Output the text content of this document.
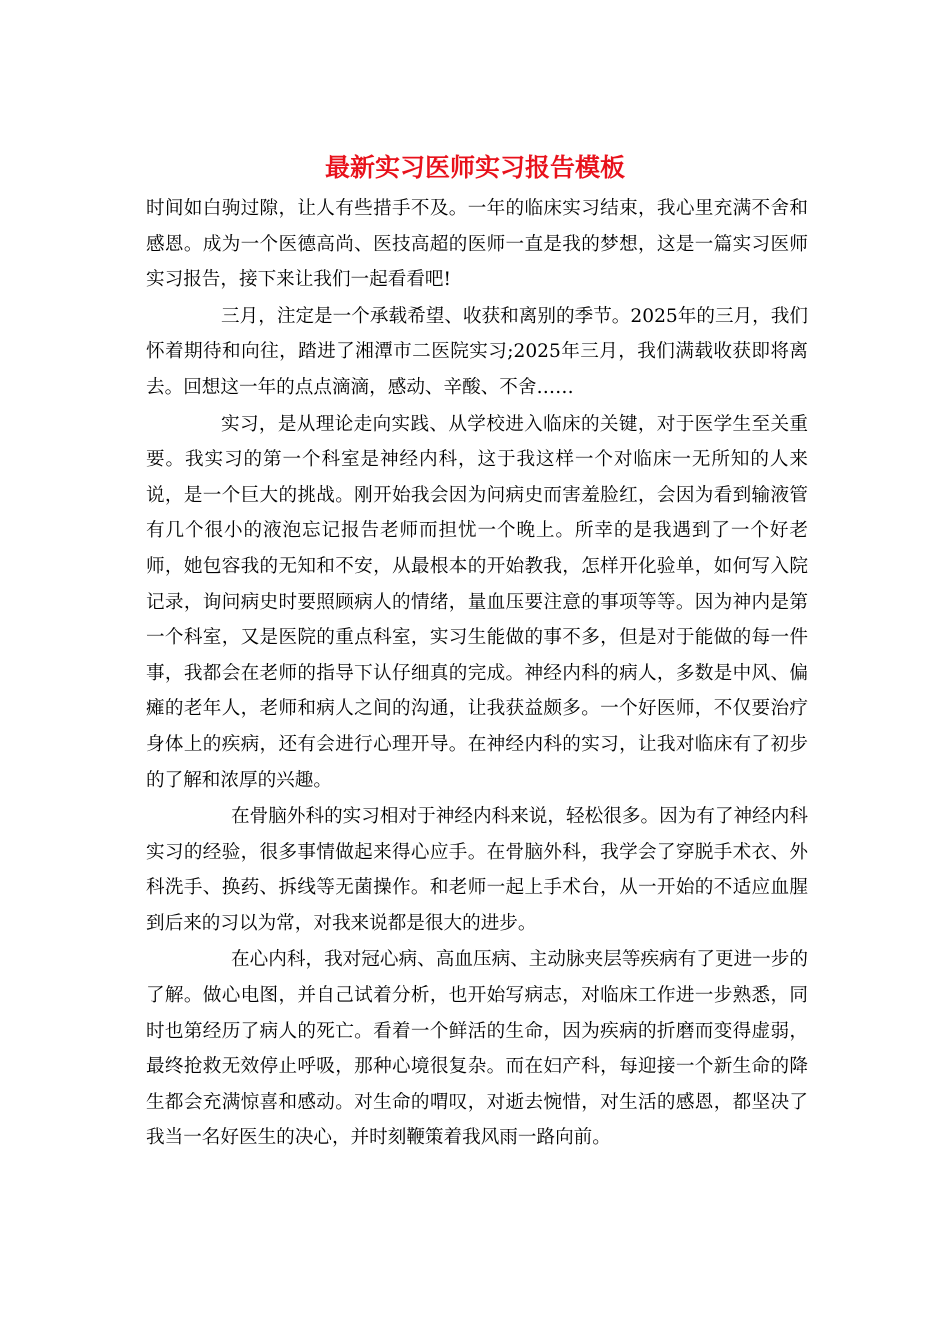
最新实习医师实习报告模板

时间如白驹过隙，让人有些措手不及。一年的临床实习结束，我心里充满不舍和感恩。成为一个医德高尚、医技高超的医师一直是我的梦想，这是一篇实习医师实习报告，接下来让我们一起看看吧!

三月，注定是一个承载希望、收获和离别的季节。2025年的三月，我们怀着期待和向往，踏进了湘潭市二医院实习;2025年三月，我们满载收获即将离去。回想这一年的点点滴滴，感动、辛酸、不舍……

实习，是从理论走向实践、从学校进入临床的关键，对于医学生至关重要。我实习的第一个科室是神经内科，这于我这样一个对临床一无所知的人来说，是一个巨大的挑战。刚开始我会因为问病史而害羞脸红，会因为看到输液管有几个很小的液泡忘记报告老师而担忧一个晚上。所幸的是我遇到了一个好老师，她包容我的无知和不安，从最根本的开始教我，怎样开化验单，如何写入院记录，询问病史时要照顾病人的情绪，量血压要注意的事项等等。因为神内是第一个科室，又是医院的重点科室，实习生能做的事不多，但是对于能做的每一件事，我都会在老师的指导下认仔细真的完成。神经内科的病人，多数是中风、偏瘫的老年人，老师和病人之间的沟通，让我获益颇多。一个好医师，不仅要治疗身体上的疾病，还有会进行心理开导。在神经内科的实习，让我对临床有了初步的了解和浓厚的兴趣。

在骨脑外科的实习相对于神经内科来说，轻松很多。因为有了神经内科实习的经验，很多事情做起来得心应手。在骨脑外科，我学会了穿脱手术衣、外科洗手、换药、拆线等无菌操作。和老师一起上手术台，从一开始的不适应血腥到后来的习以为常，对我来说都是很大的进步。

在心内科，我对冠心病、高血压病、主动脉夹层等疾病有了更进一步的了解。做心电图，并自己试着分析，也开始写病志，对临床工作进一步熟悉，同时也第经历了病人的死亡。看着一个鲜活的生命，因为疾病的折磨而变得虚弱，最终抢救无效停止呼吸，那种心境很复杂。而在妇产科，每迎接一个新生命的降生都会充满惊喜和感动。对生命的喟叹，对逝去惋惜，对生活的感恩，都坚决了我当一名好医生的决心，并时刻鞭策着我风雨一路向前。
